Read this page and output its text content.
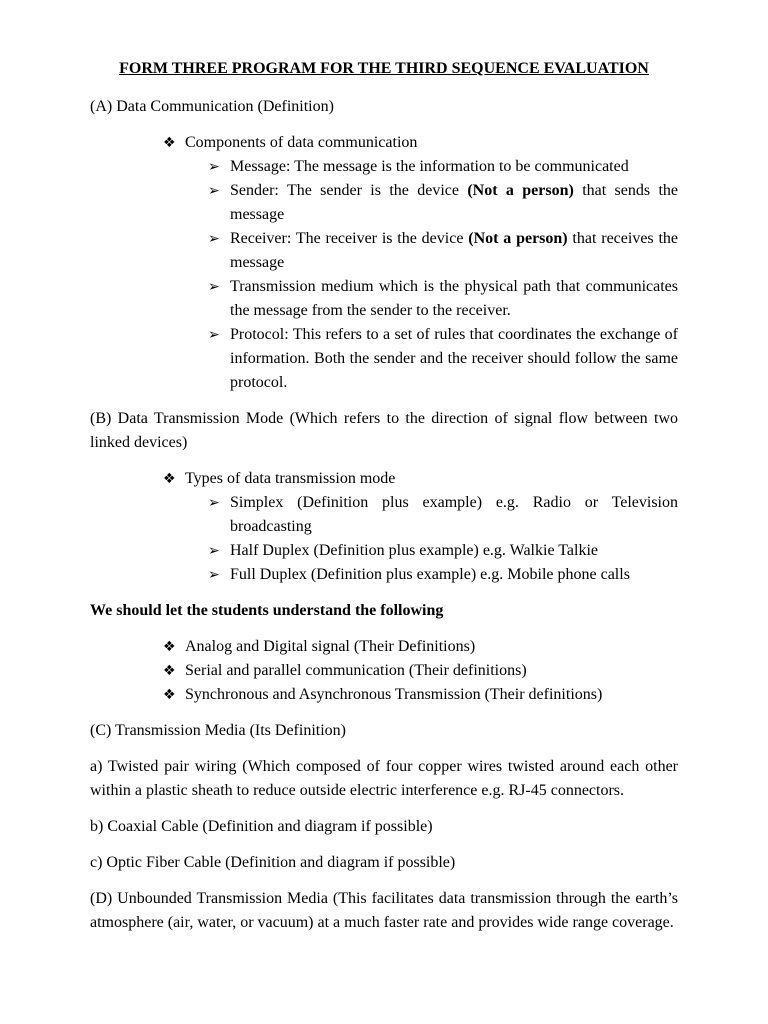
FORM THREE PROGRAM FOR THE THIRD SEQUENCE EVALUATION

(A) Data Communication (Definition)

❖ Components of data communication
➢ Message: The message is the information to be communicated
➢ Sender: The sender is the device (Not a person) that sends the message
➢ Receiver: The receiver is the device (Not a person) that receives the message
➢ Transmission medium which is the physical path that communicates the message from the sender to the receiver.
➢ Protocol: This refers to a set of rules that coordinates the exchange of information. Both the sender and the receiver should follow the same protocol.

(B) Data Transmission Mode (Which refers to the direction of signal flow between two linked devices)

❖ Types of data transmission mode
➢ Simplex (Definition plus example) e.g. Radio or Television broadcasting
➢ Half Duplex (Definition plus example) e.g. Walkie Talkie
➢ Full Duplex (Definition plus example) e.g. Mobile phone calls

We should let the students understand the following

❖ Analog and Digital signal (Their Definitions)
❖ Serial and parallel communication (Their definitions)
❖ Synchronous and Asynchronous Transmission (Their definitions)

(C) Transmission Media (Its Definition)

a) Twisted pair wiring (Which composed of four copper wires twisted around each other within a plastic sheath to reduce outside electric interference e.g. RJ-45 connectors.

b) Coaxial Cable (Definition and diagram if possible)

c) Optic Fiber Cable (Definition and diagram if possible)

(D) Unbounded Transmission Media (This facilitates data transmission through the earth’s atmosphere (air, water, or vacuum) at a much faster rate and provides wide range coverage.
